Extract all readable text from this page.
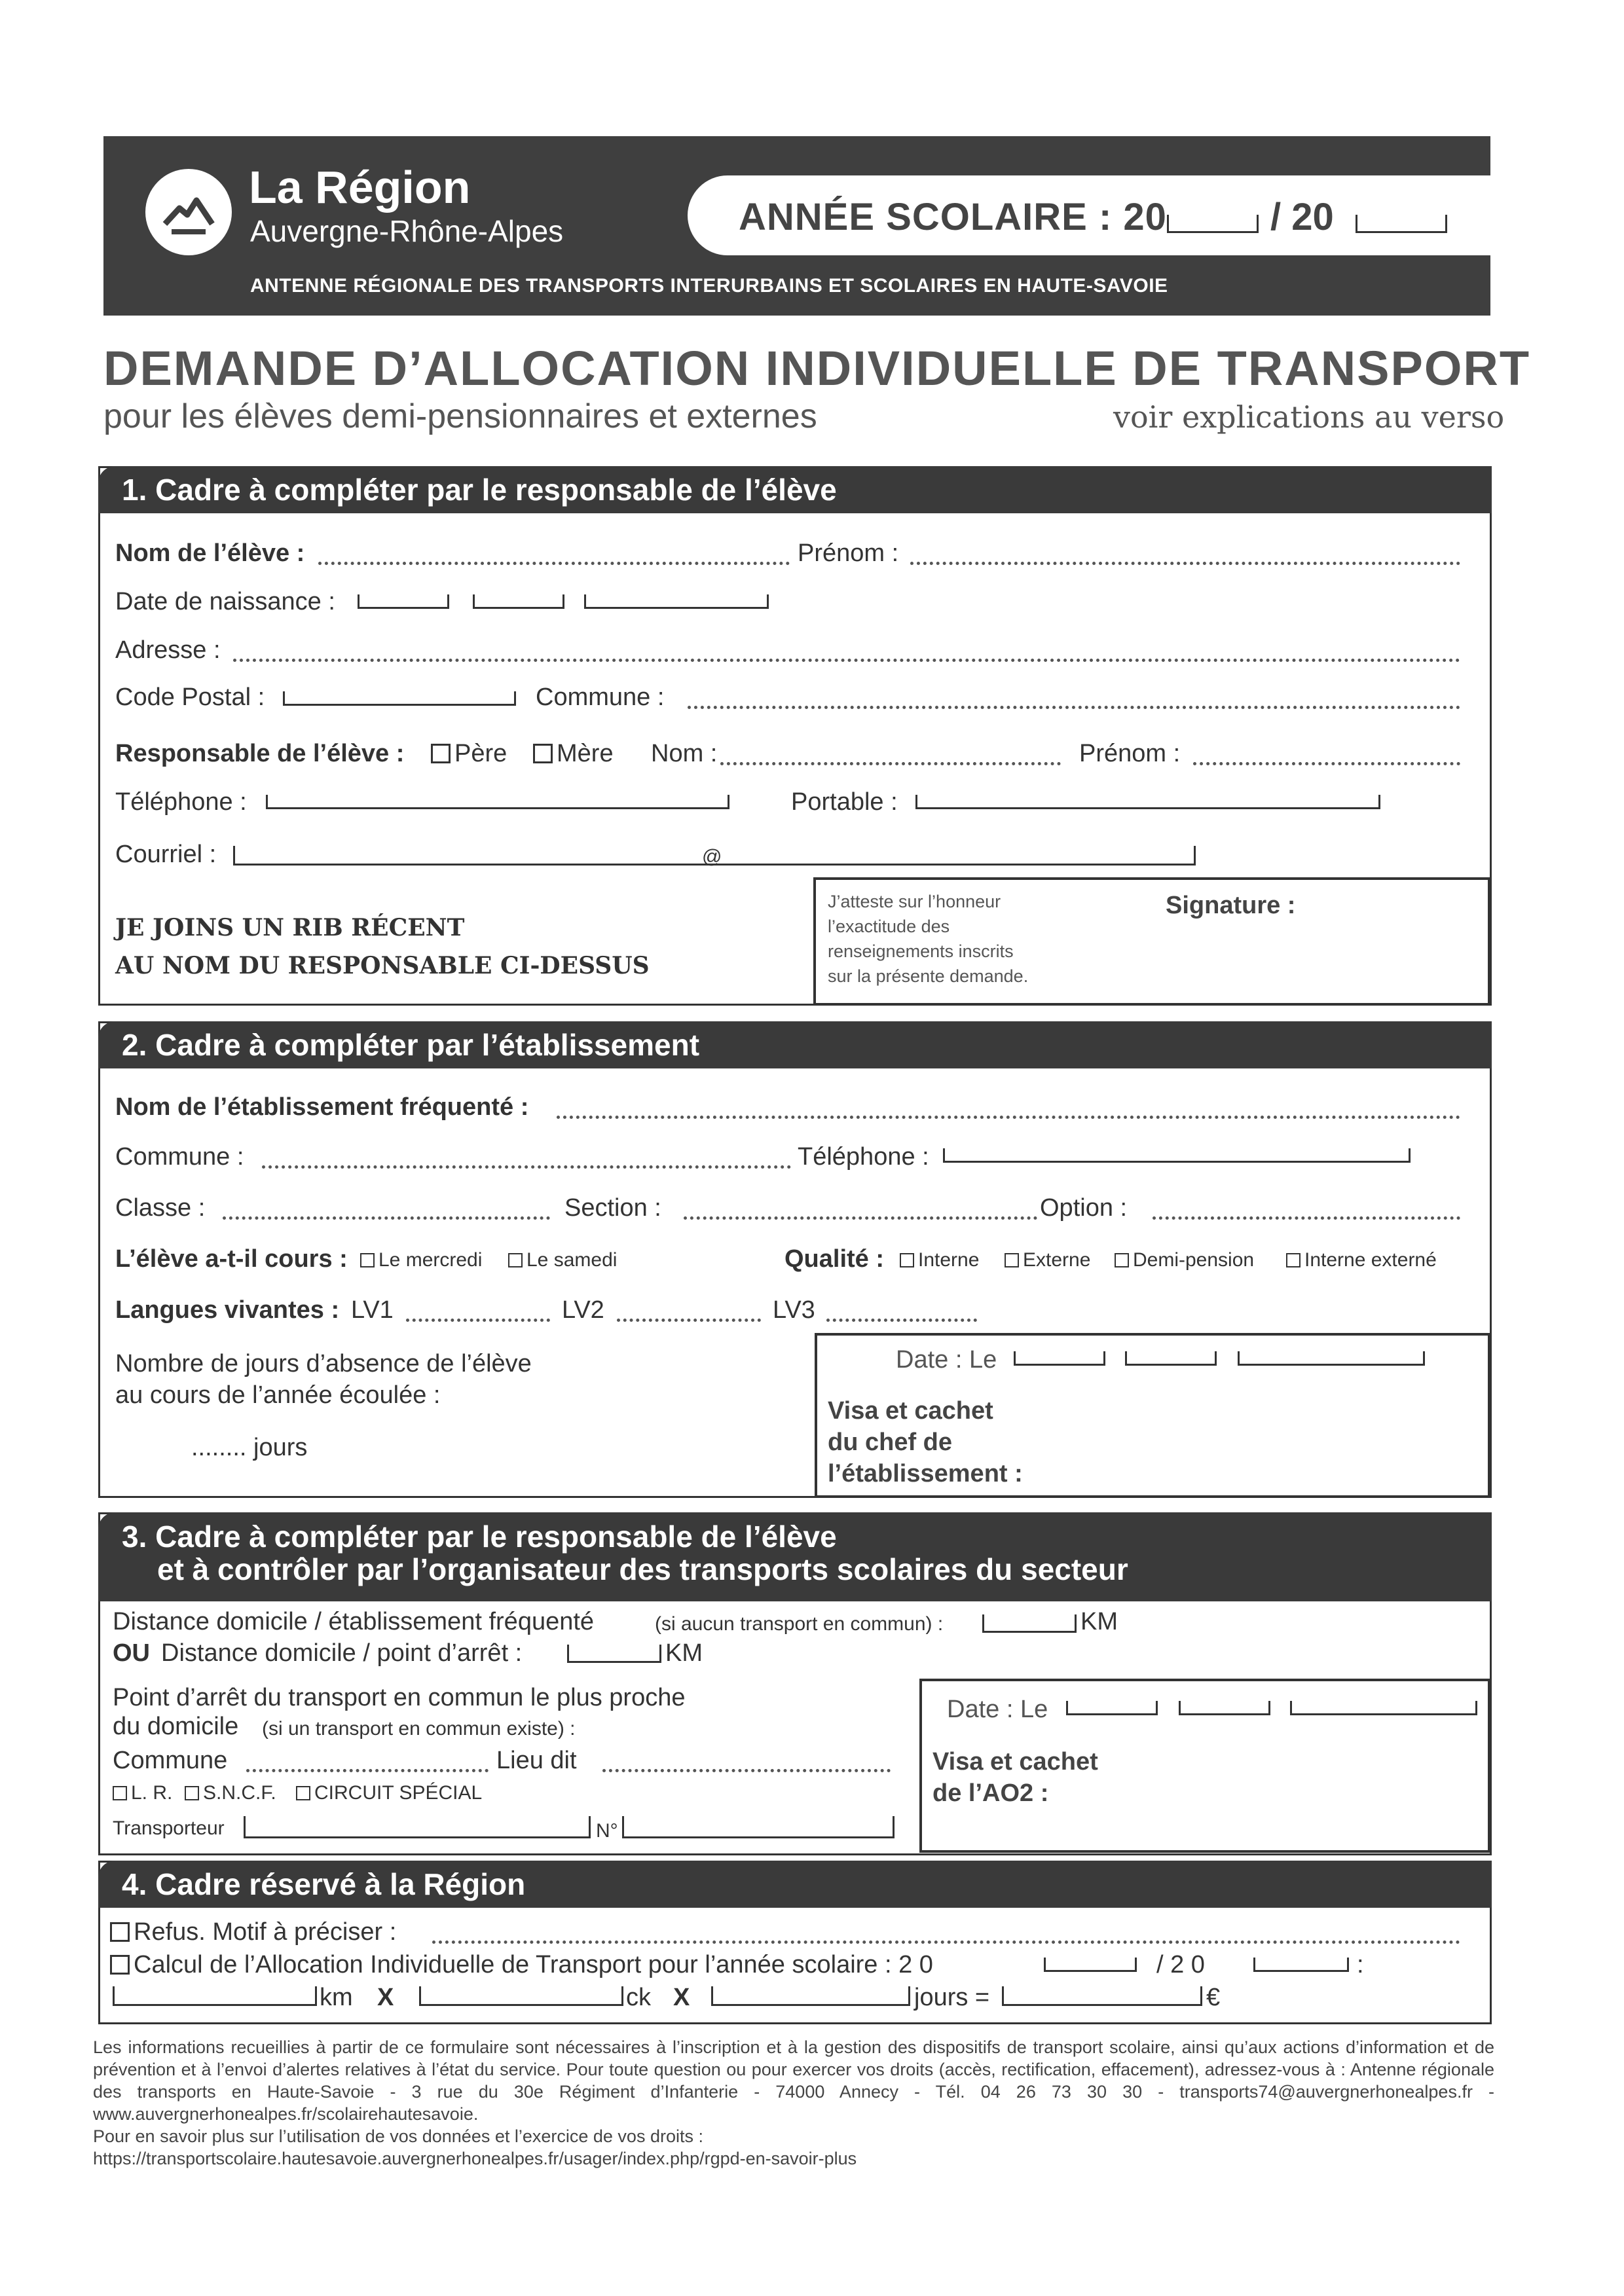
La Région
Auvergne-Rhône-Alpes	ANNÉE SCOLAIRE : 20	/ 20
ANTENNE RÉGIONALE DES TRANSPORTS INTERURBAINS ET SCOLAIRES EN HAUTE-SAVOIE
DEMANDE D’ALLOCATION INDIVIDUELLE DE TRANSPORT
pour les élèves demi-pensionnaires et externes	voir explications au verso
1. Cadre à compléter par le responsable de l’élève
Nom de l’élève :	Prénom :
Date de naissance :
Adresse :
Code Postal :	Commune :
Responsable de l’élève :	Père	Mère Nom :	Prénom :
Téléphone :	Portable :
Courriel :	@
JE JOINS UN RIB RÉCENT
AU NOM DU RESPONSABLE CI-DESSUS
J’atteste sur l’honneur
l’exactitude des
renseignements inscrits
sur la présente demande.
Signature :
2. Cadre à compléter par l’établissement
Nom de l’établissement fréquenté :
Commune :	Téléphone :
Classe :	Section :	Option :
L’élève a-t-il cours :	Le mercredi	Le samedi	Qualité :	Interne	Externe	Demi-pension	Interne externé
Langues vivantes : LV1	LV2	LV3
Nombre de jours d’absence de l’élève
au cours de l’année écoulée :
........ jours
Date : Le
Visa et cachet
du chef de
l’établissement :
3. Cadre à compléter par le responsable de l’élève
et à contrôler par l’organisateur des transports scolaires du secteur
Distance domicile / établissement fréquenté	(si aucun transport en commun) :	KM
OU Distance domicile / point d’arrêt :	KM
Point d’arrêt du transport en commun le plus proche
du domicile (si un transport en commun existe) :
Commune	Lieu dit
L. R.	S.N.C.F.	CIRCUIT SPÉCIAL
Transporteur	N°
Date : Le
Visa et cachet
de l’AO2 :
4. Cadre réservé à la Région
Refus. Motif à préciser :
Calcul de l’Allocation Individuelle de Transport pour l’année scolaire : 2 0	/ 2 0	:
km X	ck X	jours =	€
Les informations recueillies à partir de ce formulaire sont nécessaires à l’inscription et à la gestion des dispositifs de transport scolaire, ainsi qu’aux actions d’information et de prévention et à l’envoi d’alertes relatives à l’état du service. Pour toute question ou pour exercer vos droits (accès, rectification, effacement), adressez-vous à : Antenne régionale des transports en Haute-Savoie - 3 rue du 30e Régiment d’Infanterie - 74000 Annecy - Tél. 04 26 73 30 30 - transports74@auvergnerhonealpes.fr - www.auvergnerhonealpes.fr/scolairehautesavoie.
Pour en savoir plus sur l’utilisation de vos données et l’exercice de vos droits :
https://transportscolaire.hautesavoie.auvergnerhonealpes.fr/usager/index.php/rgpd-en-savoir-plus
